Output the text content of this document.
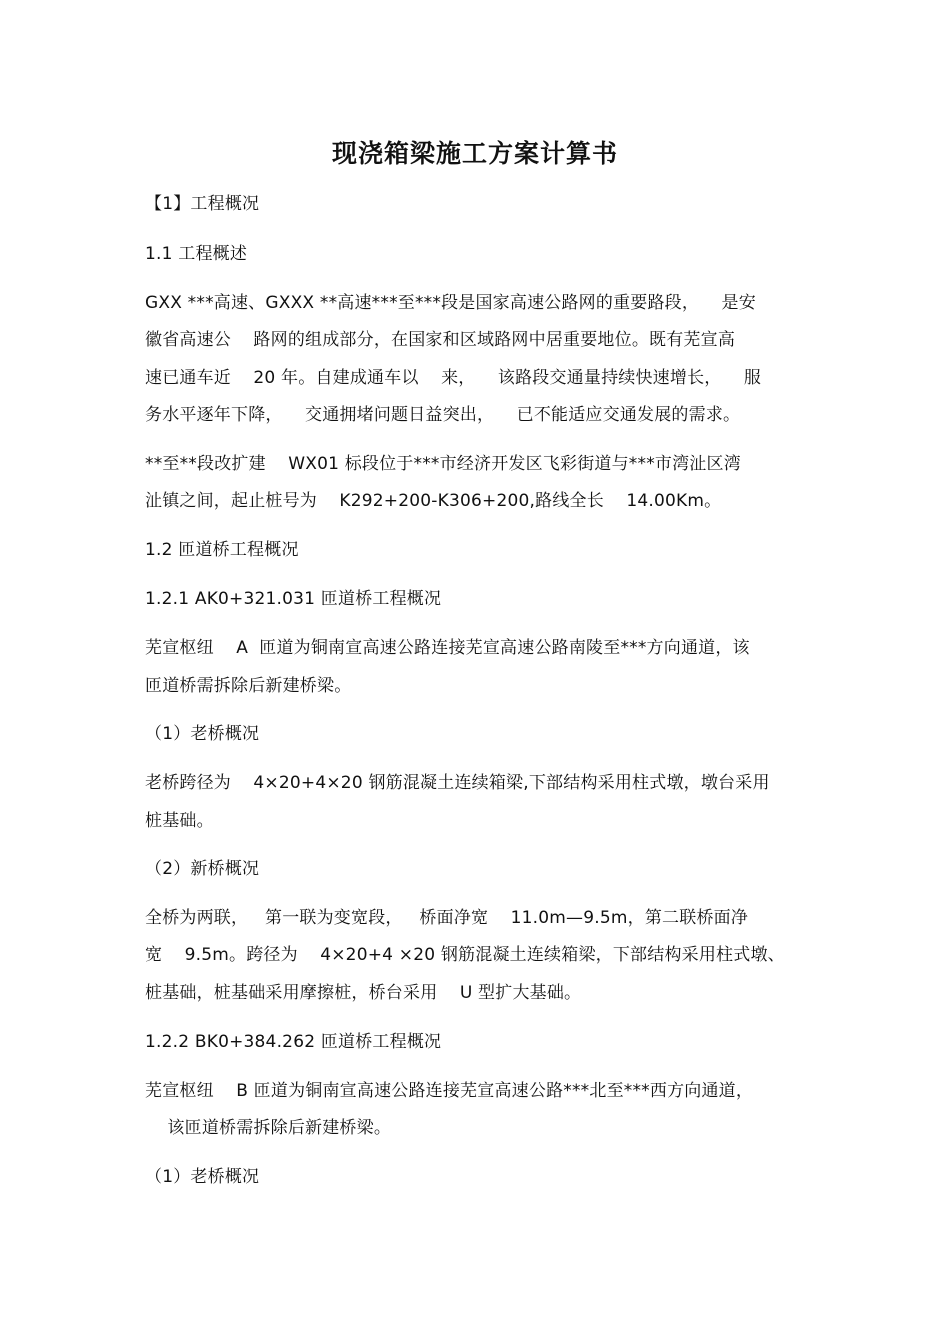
现浇箱梁施工方案计算书
【1】工程概况
1.1 工程概述
GXX ***高速、GXXX **高速***至***段是国家高速公路网的重要路段，    是安
徽省高速公    路网的组成部分，在国家和区域路网中居重要地位。既有芜宣高
速已通车近    20 年。自建成通车以    来，    该路段交通量持续快速增长，    服
务水平逐年下降，    交通拥堵问题日益突出，    已不能适应交通发展的需求。
**至**段改扩建    WX01 标段位于***市经济开发区飞彩街道与***市湾沚区湾
沚镇之间，起止桩号为    K292+200-K306+200,路线全长    14.00Km。
1.2 匝道桥工程概况
1.2.1 AK0+321.031 匝道桥工程概况
芜宣枢纽    A  匝道为铜南宣高速公路连接芜宣高速公路南陵至***方向通道，该
匝道桥需拆除后新建桥梁。
（1）老桥概况
老桥跨径为    4×20+4×20 钢筋混凝土连续箱梁,下部结构采用柱式墩，墩台采用
桩基础。
（2）新桥概况
全桥为两联，   第一联为变宽段，   桥面净宽    11.0m—9.5m，第二联桥面净
宽    9.5m。跨径为    4×20+4 ×20 钢筋混凝土连续箱梁，下部结构采用柱式墩、
桩基础，桩基础采用摩擦桩，桥台采用    U 型扩大基础。
1.2.2 BK0+384.262 匝道桥工程概况
芜宣枢纽    B 匝道为铜南宣高速公路连接芜宣高速公路***北至***西方向通道，
该匝道桥需拆除后新建桥梁。
（1）老桥概况
